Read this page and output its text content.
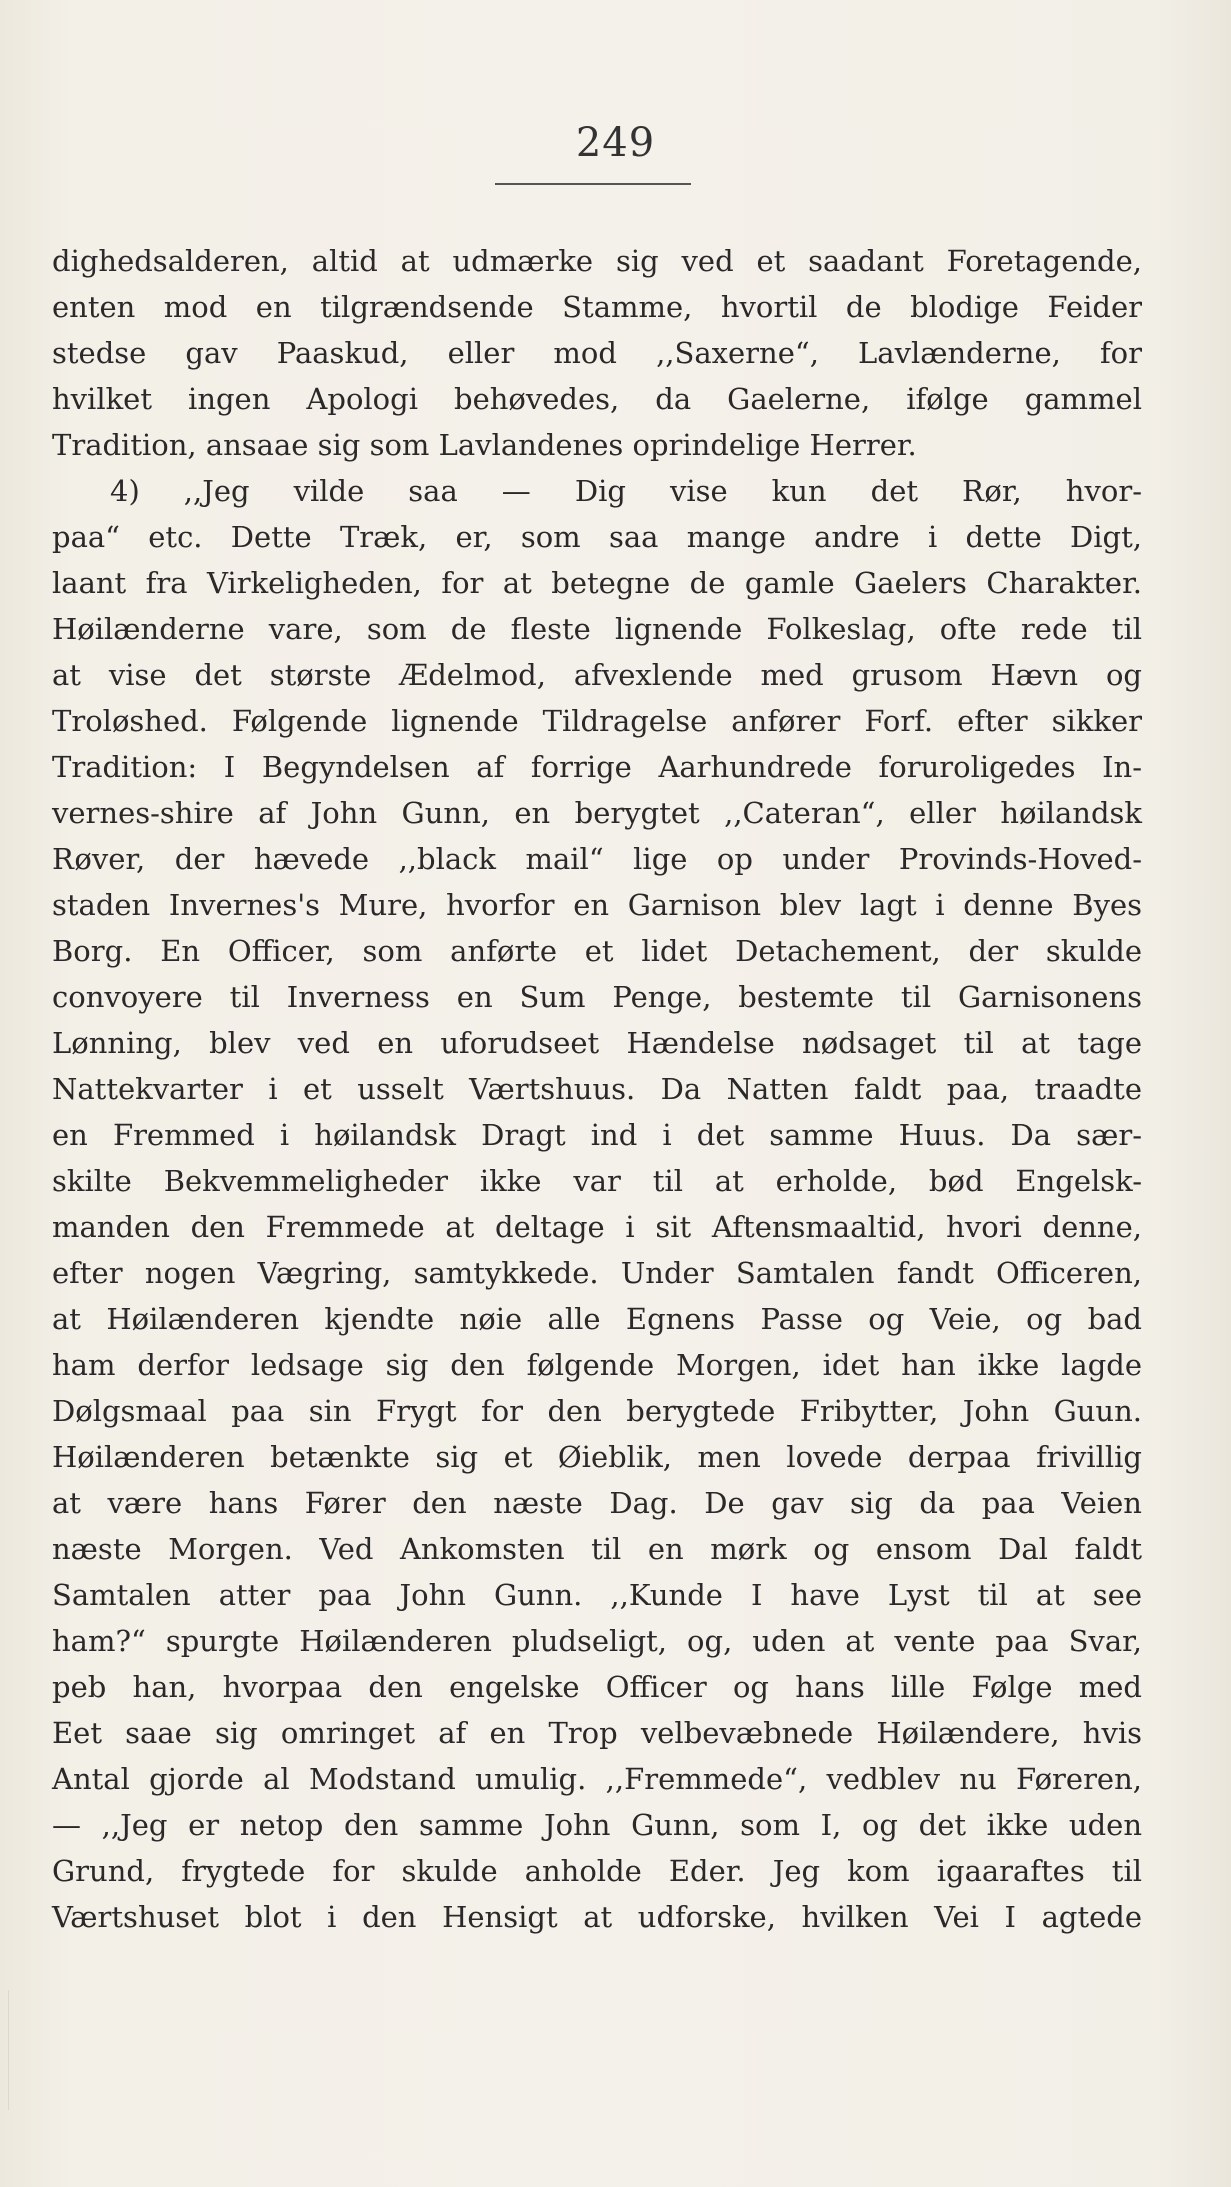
249
dighedsalderen, altid at udmærke sig ved et saadant Foretagende,
enten mod en tilgrændsende Stamme, hvortil de blodige Feider
stedse gav Paaskud, eller mod ,,Saxerne“, Lavlænderne, for
hvilket ingen Apologi behøvedes, da Gaelerne, ifølge gammel
Tradition, ansaae sig som Lavlandenes oprindelige Herrer.
4) ,,Jeg vilde saa — Dig vise kun det Rør, hvor-
paa“ etc. Dette Træk, er, som saa mange andre i dette Digt,
laant fra Virkeligheden, for at betegne de gamle Gaelers Charakter.
Høilænderne vare, som de fleste lignende Folkeslag, ofte rede til
at vise det største Ædelmod, afvexlende med grusom Hævn og
Troløshed. Følgende lignende Tildragelse anfører Forf. efter sikker
Tradition: I Begyndelsen af forrige Aarhundrede foruroligedes In-
vernes-shire af John Gunn, en berygtet ,,Cateran“, eller høilandsk
Røver, der hævede ,,black mail“ lige op under Provinds-Hoved-
staden Invernes's Mure, hvorfor en Garnison blev lagt i denne Byes
Borg. En Officer, som anførte et lidet Detachement, der skulde
convoyere til Inverness en Sum Penge, bestemte til Garnisonens
Lønning, blev ved en uforudseet Hændelse nødsaget til at tage
Nattekvarter i et usselt Værtshuus. Da Natten faldt paa, traadte
en Fremmed i høilandsk Dragt ind i det samme Huus. Da sær-
skilte Bekvemmeligheder ikke var til at erholde, bød Engelsk-
manden den Fremmede at deltage i sit Aftensmaaltid, hvori denne,
efter nogen Vægring, samtykkede. Under Samtalen fandt Officeren,
at Høilænderen kjendte nøie alle Egnens Passe og Veie, og bad
ham derfor ledsage sig den følgende Morgen, idet han ikke lagde
Dølgsmaal paa sin Frygt for den berygtede Fribytter, John Guun.
Høilænderen betænkte sig et Øieblik, men lovede derpaa frivillig
at være hans Fører den næste Dag. De gav sig da paa Veien
næste Morgen. Ved Ankomsten til en mørk og ensom Dal faldt
Samtalen atter paa John Gunn. ,,Kunde I have Lyst til at see
ham?“ spurgte Høilænderen pludseligt, og, uden at vente paa Svar,
peb han, hvorpaa den engelske Officer og hans lille Følge med
Eet saae sig omringet af en Trop velbevæbnede Høilændere, hvis
Antal gjorde al Modstand umulig. ,,Fremmede“, vedblev nu Føreren,
— ,,Jeg er netop den samme John Gunn, som I, og det ikke uden
Grund, frygtede for skulde anholde Eder. Jeg kom igaaraftes til
Værtshuset blot i den Hensigt at udforske, hvilken Vei I agtede
